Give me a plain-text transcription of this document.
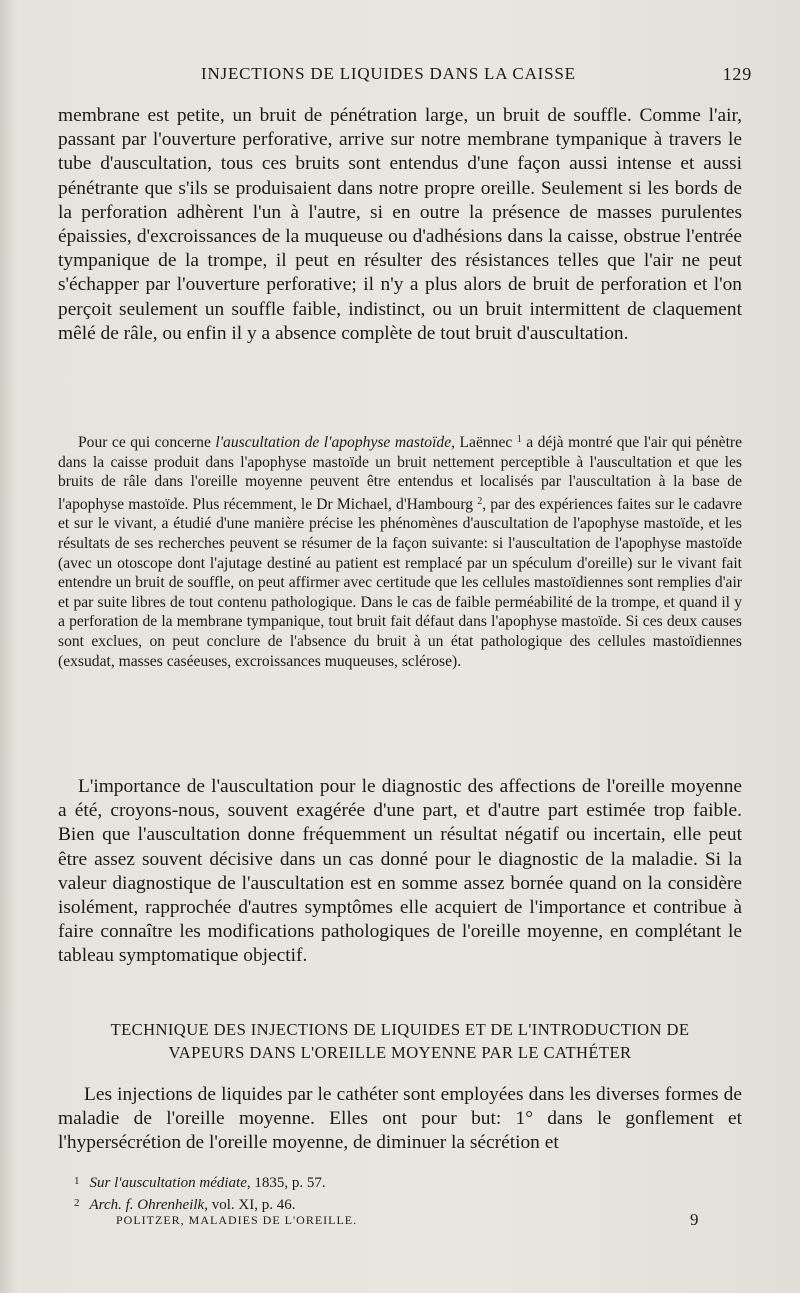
INJECTIONS DE LIQUIDES DANS LA CAISSE	129

membrane est petite, un bruit de pénétration large, un bruit de souffle. Comme l'air, passant par l'ouverture perforative, arrive sur notre membrane tympanique à travers le tube d'auscultation, tous ces bruits sont entendus d'une façon aussi intense et aussi pénétrante que s'ils se produisaient dans notre propre oreille. Seulement si les bords de la perforation adhèrent l'un à l'autre, si en outre la présence de masses purulentes épaissies, d'excroissances de la muqueuse ou d'adhésions dans la caisse, obstrue l'entrée tympanique de la trompe, il peut en résulter des résistances telles que l'air ne peut s'échapper par l'ouverture perforative; il n'y a plus alors de bruit de perforation et l'on perçoit seulement un souffle faible, indistinct, ou un bruit intermittent de claquement mêlé de râle, ou enfin il y a absence complète de tout bruit d'auscultation.

Pour ce qui concerne l'auscultation de l'apophyse mastoïde, Laënnec $^1$ a déjà montré que l'air qui pénètre dans la caisse produit dans l'apophyse mastoïde un bruit nettement perceptible à l'auscultation et que les bruits de râle dans l'oreille moyenne peuvent être entendus et localisés par l'auscultation à la base de l'apophyse mastoïde. Plus récemment, le Dr Michael, d'Hambourg $^2$, par des expériences faites sur le cadavre et sur le vivant, a étudié d'une manière précise les phénomènes d'auscultation de l'apophyse mastoïde, et les résultats de ses recherches peuvent se résumer de la façon suivante: si l'auscultation de l'apophyse mastoïde (avec un otoscope dont l'ajutage destiné au patient est remplacé par un spéculum d'oreille) sur le vivant fait entendre un bruit de souffle, on peut affirmer avec certitude que les cellules mastoïdiennes sont remplies d'air et par suite libres de tout contenu pathologique. Dans le cas de faible perméabilité de la trompe, et quand il y a perforation de la membrane tympanique, tout bruit fait défaut dans l'apophyse mastoïde. Si ces deux causes sont exclues, on peut conclure de l'absence du bruit à un état pathologique des cellules mastoïdiennes (exsudat, masses caséeuses, excroissances muqueuses, sclérose).

L'importance de l'auscultation pour le diagnostic des affections de l'oreille moyenne a été, croyons-nous, souvent exagérée d'une part, et d'autre part estimée trop faible. Bien que l'auscultation donne fréquemment un résultat négatif ou incertain, elle peut être assez souvent décisive dans un cas donné pour le diagnostic de la maladie. Si la valeur diagnostique de l'auscultation est en somme assez bornée quand on la considère isolément, rapprochée d'autres symptômes elle acquiert de l'importance et contribue à faire connaître les modifications pathologiques de l'oreille moyenne, en complétant le tableau symptomatique objectif.

TECHNIQUE DES INJECTIONS DE LIQUIDES ET DE L'INTRODUCTION DE
VAPEURS DANS L'OREILLE MOYENNE PAR LE CATHÉTER

Les injections de liquides par le cathéter sont employées dans les diverses formes de maladie de l'oreille moyenne. Elles ont pour but: 1° dans le gonflement et l'hypersécrétion de l'oreille moyenne, de diminuer la sécrétion et

$^1$ Sur l'auscultation médiate, 1835, p. 57.
$^2$ Arch. f. Ohrenheilk, vol. XI, p. 46.
POLITZER, MALADIES DE L'OREILLE.	9
